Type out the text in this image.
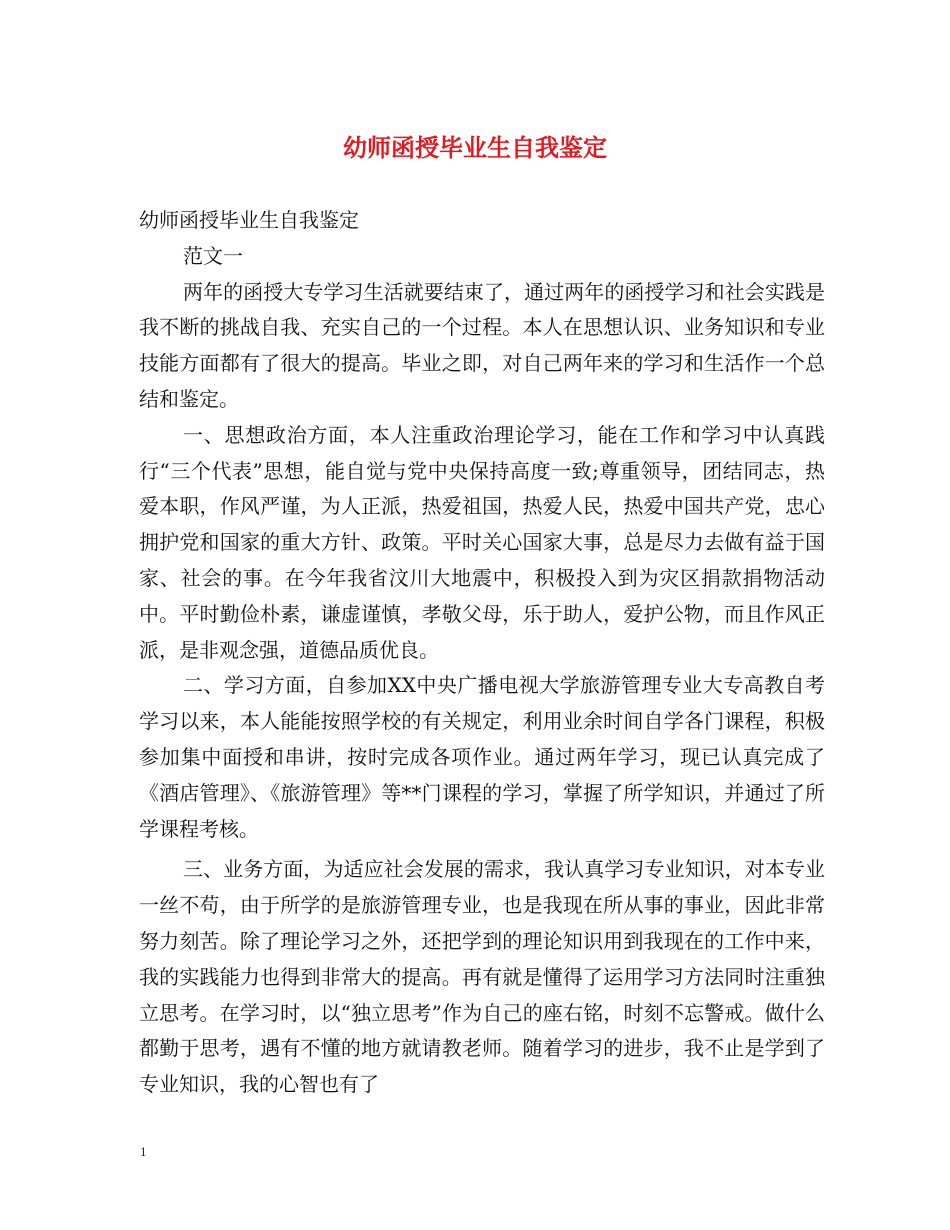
幼师函授毕业生自我鉴定

幼师函授毕业生自我鉴定

范文一

两年的函授大专学习生活就要结束了，通过两年的函授学习和社会实践是我不断的挑战自我、充实自己的一个过程。本人在思想认识、业务知识和专业技能方面都有了很大的提高。毕业之即，对自己两年来的学习和生活作一个总结和鉴定。

一、思想政治方面，本人注重政治理论学习，能在工作和学习中认真践行“三个代表”思想，能自觉与党中央保持高度一致;尊重领导，团结同志，热爱本职，作风严谨，为人正派，热爱祖国，热爱人民，热爱中国共产党，忠心拥护党和国家的重大方针、政策。平时关心国家大事，总是尽力去做有益于国家、社会的事。在今年我省汶川大地震中，积极投入到为灾区捐款捐物活动中。平时勤俭朴素，谦虚谨慎，孝敬父母，乐于助人，爱护公物，而且作风正派，是非观念强，道德品质优良。

二、学习方面，自参加XX中央广播电视大学旅游管理专业大专高教自考学习以来，本人能能按照学校的有关规定，利用业余时间自学各门课程，积极参加集中面授和串讲，按时完成各项作业。通过两年学习，现已认真完成了《酒店管理》、《旅游管理》等**门课程的学习，掌握了所学知识，并通过了所学课程考核。

三、业务方面，为适应社会发展的需求，我认真学习专业知识，对本专业一丝不苟，由于所学的是旅游管理专业，也是我现在所从事的事业，因此非常努力刻苦。除了理论学习之外，还把学到的理论知识用到我现在的工作中来，我的实践能力也得到非常大的提高。再有就是懂得了运用学习方法同时注重独立思考。在学习时，以“独立思考”作为自己的座右铭，时刻不忘警戒。做什么都勤于思考，遇有不懂的地方就请教老师。随着学习的进步，我不止是学到了专业知识，我的心智也有了

1
